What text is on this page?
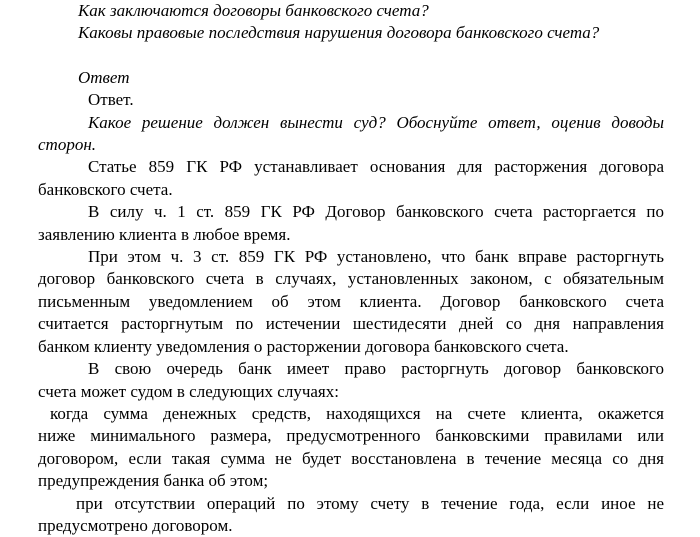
Как заключаются договоры банковского счета?
Каковы правовые последствия нарушения договора банковского счета?
Ответ
Ответ.
Какое решение должен вынести суд? Обоснуйте ответ, оценив доводы
сторон.
Статье 859 ГК РФ устанавливает основания для расторжения договора
банковского счета.
В силу ч. 1 ст. 859 ГК РФ Договор банковского счета расторгается по
заявлению клиента в любое время.
При этом ч. 3 ст. 859 ГК РФ установлено, что банк вправе расторгнуть
договор банковского счета в случаях, установленных законом, с обязательным
письменным уведомлением об этом клиента. Договор банковского счета
считается расторгнутым по истечении шестидесяти дней со дня направления
банком клиенту уведомления о расторжении договора банковского счета.
В свою очередь банк имеет право расторгнуть договор банковского
счета может судом в следующих случаях:
когда сумма денежных средств, находящихся на счете клиента, окажется
ниже минимального размера, предусмотренного банковскими правилами или
договором, если такая сумма не будет восстановлена в течение месяца со дня
предупреждения банка об этом;
при отсутствии операций по этому счету в течение года, если иное не
предусмотрено договором.
